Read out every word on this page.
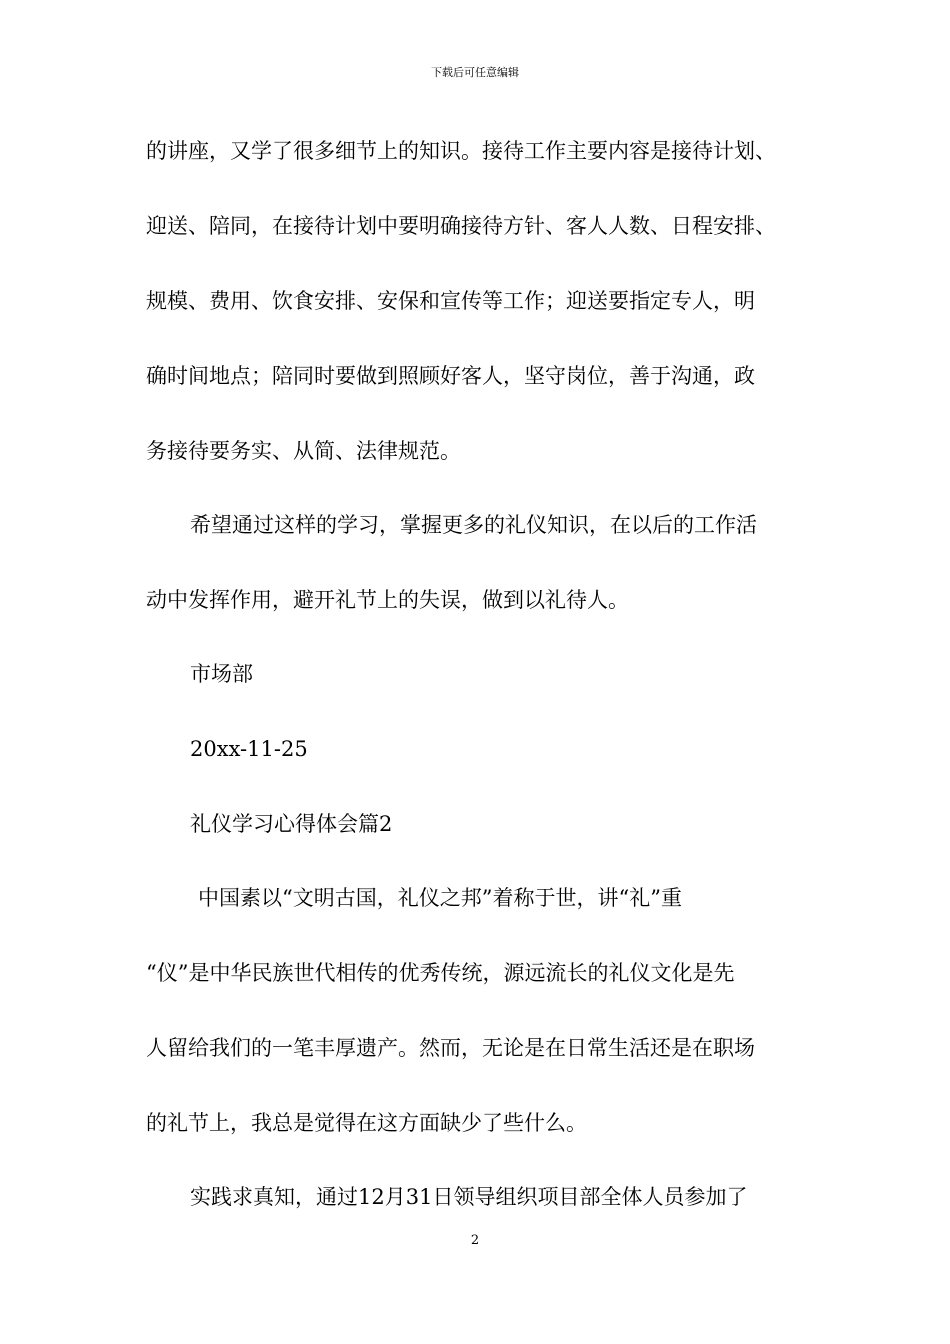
下载后可任意编辑
的讲座，又学了很多细节上的知识。接待工作主要内容是接待计划、
迎送、陪同，在接待计划中要明确接待方针、客人人数、日程安排、
规模、费用、饮食安排、安保和宣传等工作；迎送要指定专人，明
确时间地点；陪同时要做到照顾好客人，坚守岗位，善于沟通，政
务接待要务实、从简、法律规范。
希望通过这样的学习，掌握更多的礼仪知识，在以后的工作活
动中发挥作用，避开礼节上的失误，做到以礼待人。
市场部
20xx-11-25
礼仪学习心得体会篇2
中国素以“文明古国，礼仪之邦”着称于世，讲“礼”重
“仪”是中华民族世代相传的优秀传统，源远流长的礼仪文化是先
人留给我们的一笔丰厚遗产。然而，无论是在日常生活还是在职场
的礼节上，我总是觉得在这方面缺少了些什么。
实践求真知，通过12月31日领导组织项目部全体人员参加了
2
